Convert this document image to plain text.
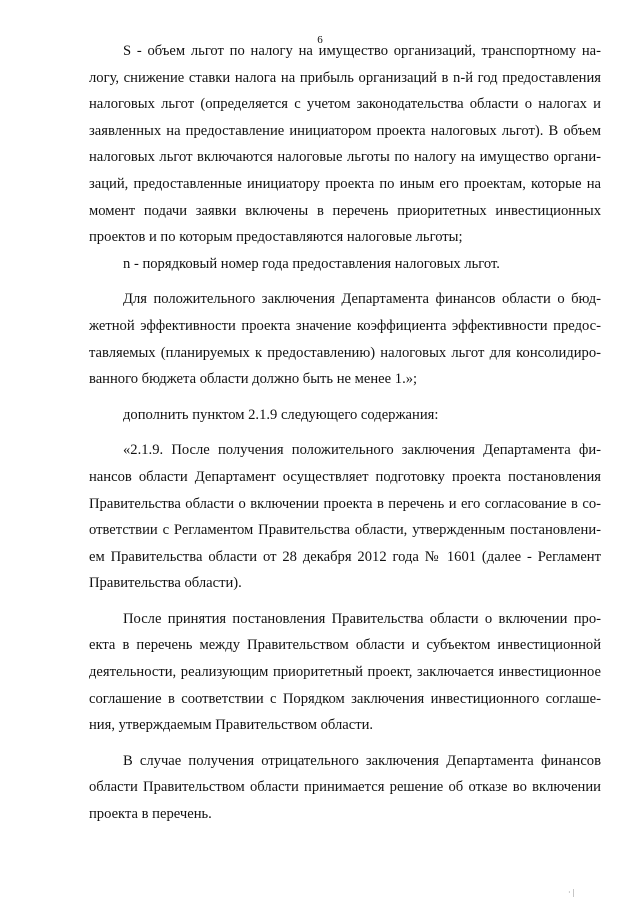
6
S - объем льгот по налогу на имущество организаций, транспортному на-
логу, снижение ставки налога на прибыль организаций в n-й год предоставления
налоговых льгот (определяется с учетом законодательства области о налогах и
заявленных на предоставление инициатором проекта налоговых льгот). В объем
налоговых льгот включаются налоговые льготы по налогу на имущество органи-
заций, предоставленные инициатору проекта по иным его проектам, которые на
момент подачи заявки включены в перечень приоритетных инвестиционных
проектов и по которым предоставляются налоговые льготы;
n - порядковый номер года предоставления налоговых льгот.
Для положительного заключения Департамента финансов области о бюд-
жетной эффективности проекта значение коэффициента эффективности предос-
тавляемых (планируемых к предоставлению) налоговых льгот для консолидиро-
ванного бюджета области должно быть не менее 1.»;
дополнить пунктом 2.1.9 следующего содержания:
«2.1.9. После получения положительного заключения Департамента фи-
нансов области Департамент осуществляет подготовку проекта постановления
Правительства области о включении проекта в перечень и его согласование в со-
ответствии с Регламентом Правительства области, утвержденным постановлени-
ем Правительства области от 28 декабря 2012 года № 1601 (далее - Регламент
Правительства области).
После принятия постановления Правительства области о включении про-
екта в перечень между Правительством области и субъектом инвестиционной
деятельности, реализующим приоритетный проект, заключается инвестиционное
соглашение в соответствии с Порядком заключения инвестиционного соглаше-
ния, утверждаемым Правительством области.
В случае получения отрицательного заключения Департамента финансов
области Правительством области принимается решение об отказе во включении
проекта в перечень.
· |
